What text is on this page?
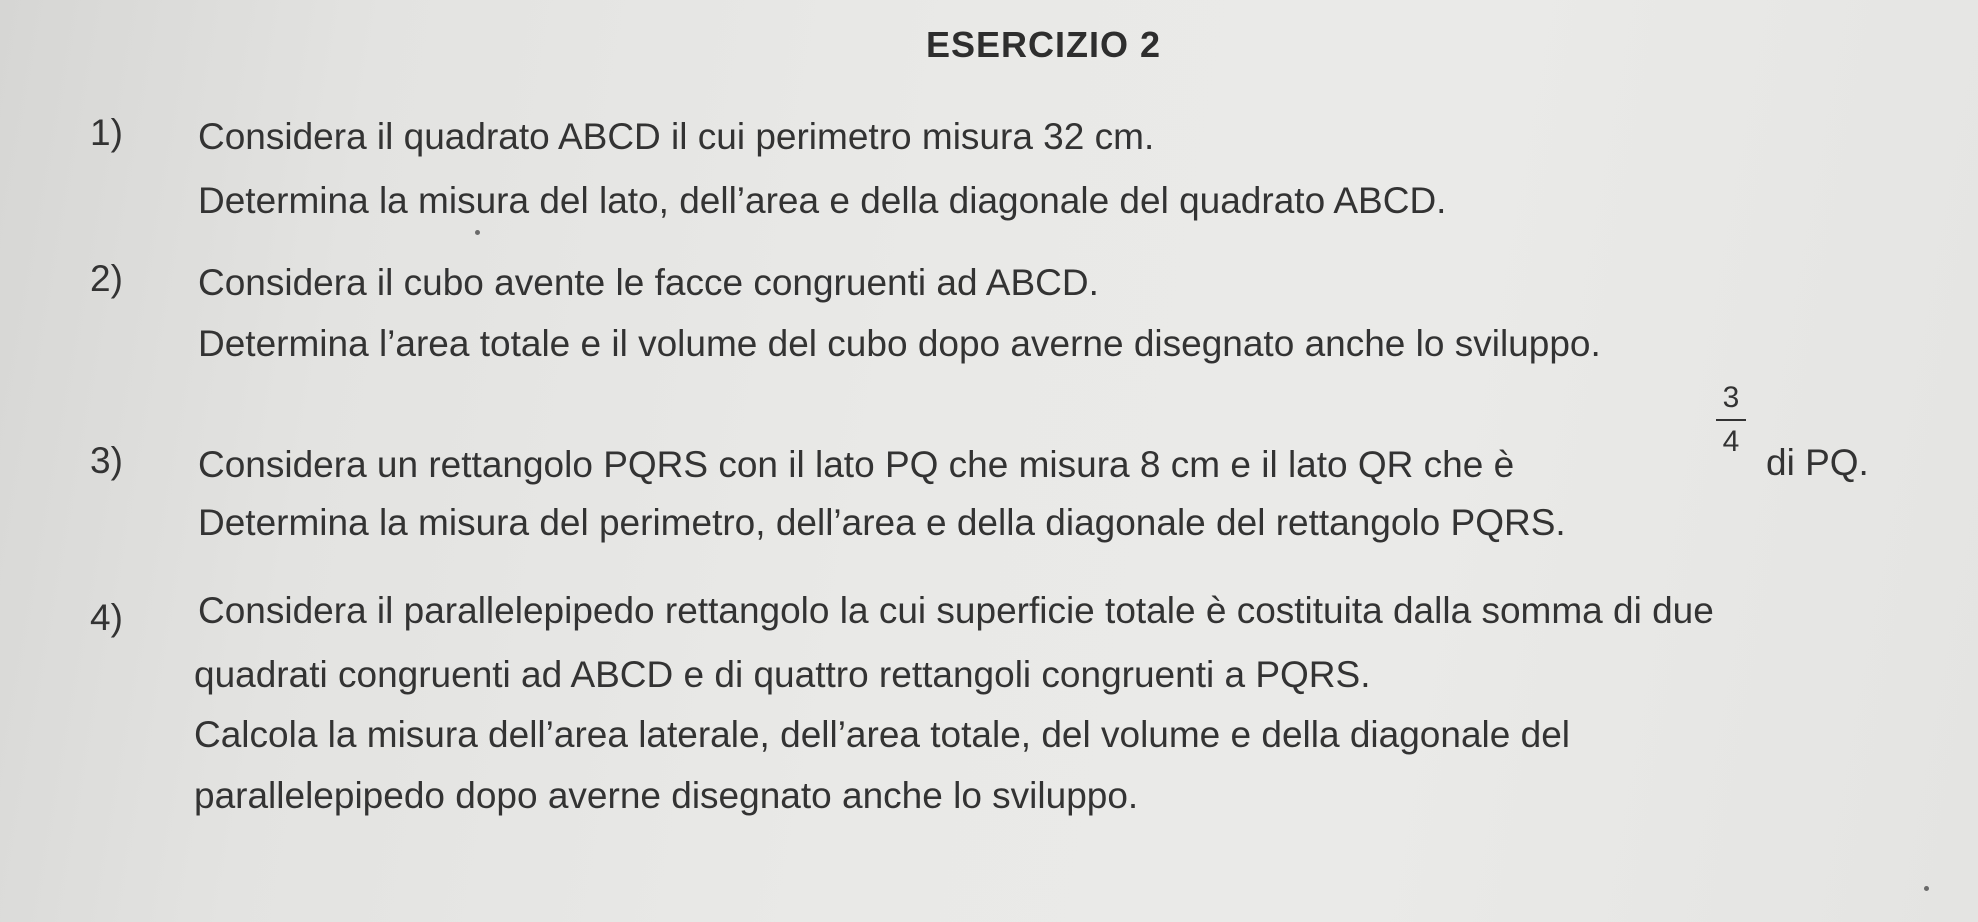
ESERCIZIO 2
1) Considera il quadrato ABCD il cui perimetro misura 32 cm.
Determina la misura del lato, dell’area e della diagonale del quadrato ABCD.
2) Considera il cubo avente le facce congruenti ad ABCD.
Determina l’area totale e il volume del cubo dopo averne disegnato anche lo sviluppo.
3) Considera un rettangolo PQRS con il lato PQ che misura 8 cm e il lato QR che è
3
4
di PQ.
Determina la misura del perimetro, dell’area e della diagonale del rettangolo PQRS.
4) Considera il parallelepipedo rettangolo la cui superficie totale è costituita dalla somma di due
quadrati congruenti ad ABCD e di quattro rettangoli congruenti a PQRS.
Calcola la misura dell’area laterale, dell’area totale, del volume e della diagonale del
parallelepipedo dopo averne disegnato anche lo sviluppo.
